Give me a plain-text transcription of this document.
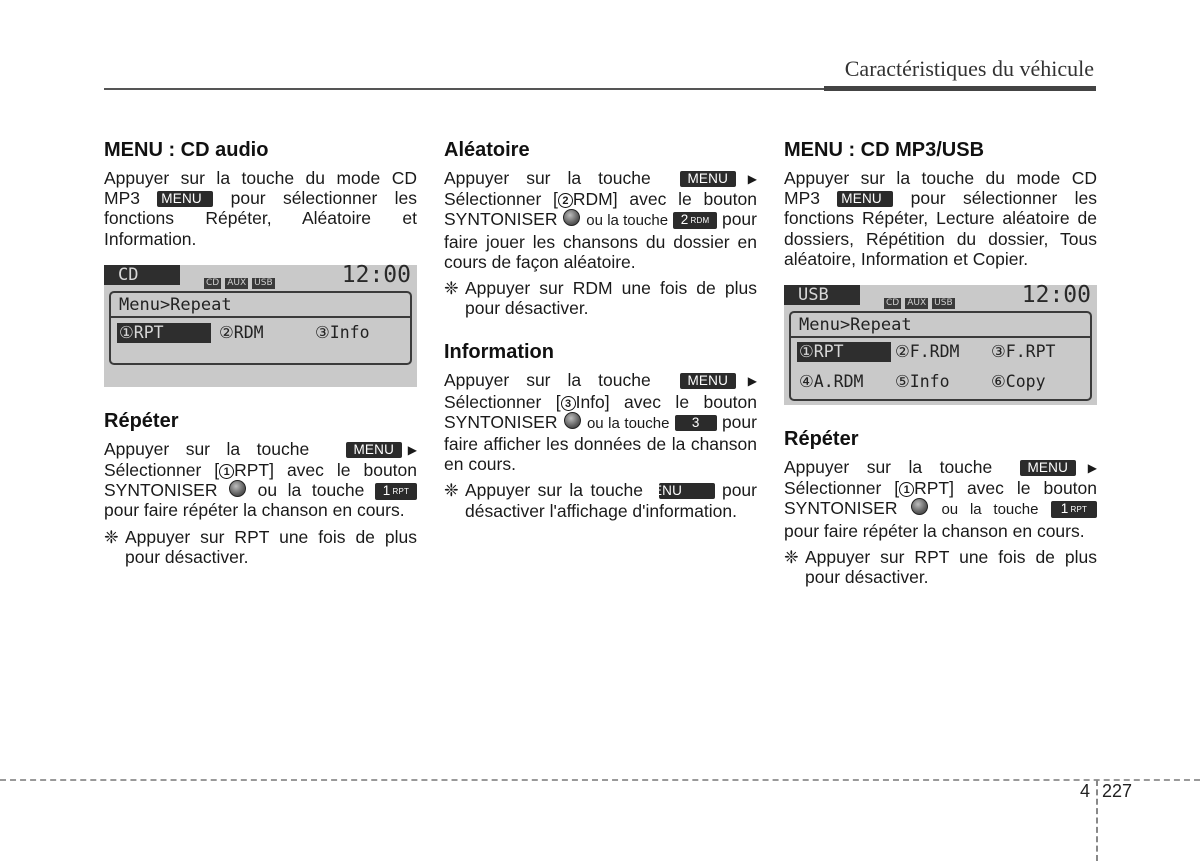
Caractéristiques du véhicule
MENU : CD audio

Appuyer sur la touche du mode CD MP3 MENU pour sélectionner les fonctions Répéter, Aléatoire et Information.

CD	CD AUX USB	12:00
Menu>Repeat
①RPT	②RDM	③Info
Répéter

Appuyer sur la touche	MENU ▶ Sélectionner [ 1 RPT] avec le bouton SYNTONISER ou la touche 1 $_{RPT}$ pour faire répéter la chanson en cours.

❈ Appuyer sur RPT une fois de plus pour désactiver.

Aléatoire

Appuyer sur la touche	MENU ▶ Sélectionner [ 2 RDM] avec le bouton SYNTONISER ou la touche 2 $_{RDM}$ pour faire jouer les chansons du dossier en cours de façon aléatoire.

❈ Appuyer sur RDM une fois de plus pour désactiver.

Information

Appuyer sur la touche	MENU ▶ Sélectionner [ 3 Info] avec le bouton SYNTONISER ou la touche 3 pour faire afficher les données de la chanson en cours.

❈ Appuyer sur la touche MENU pour désactiver l'affichage d'information.

MENU : CD MP3/USB

Appuyer sur la touche du mode CD MP3 MENU pour sélectionner les fonctions Répéter, Lecture aléatoire de dossiers, Répétition du dossier, Tous aléatoire, Information et Copier.

USB	CD AUX USB	12:00
Menu>Repeat
①RPT	②F.RDM ③F.RPT
④A.RDM ⑤Info	⑥Copy
Répéter

Appuyer sur la touche	MENU ▶ Sélectionner [ 1 RPT] avec le bouton SYNTONISER	ou la touche 1 $_{RPT}$ pour faire répéter la chanson en cours.

❈ Appuyer sur RPT une fois de plus pour désactiver.

4 227
